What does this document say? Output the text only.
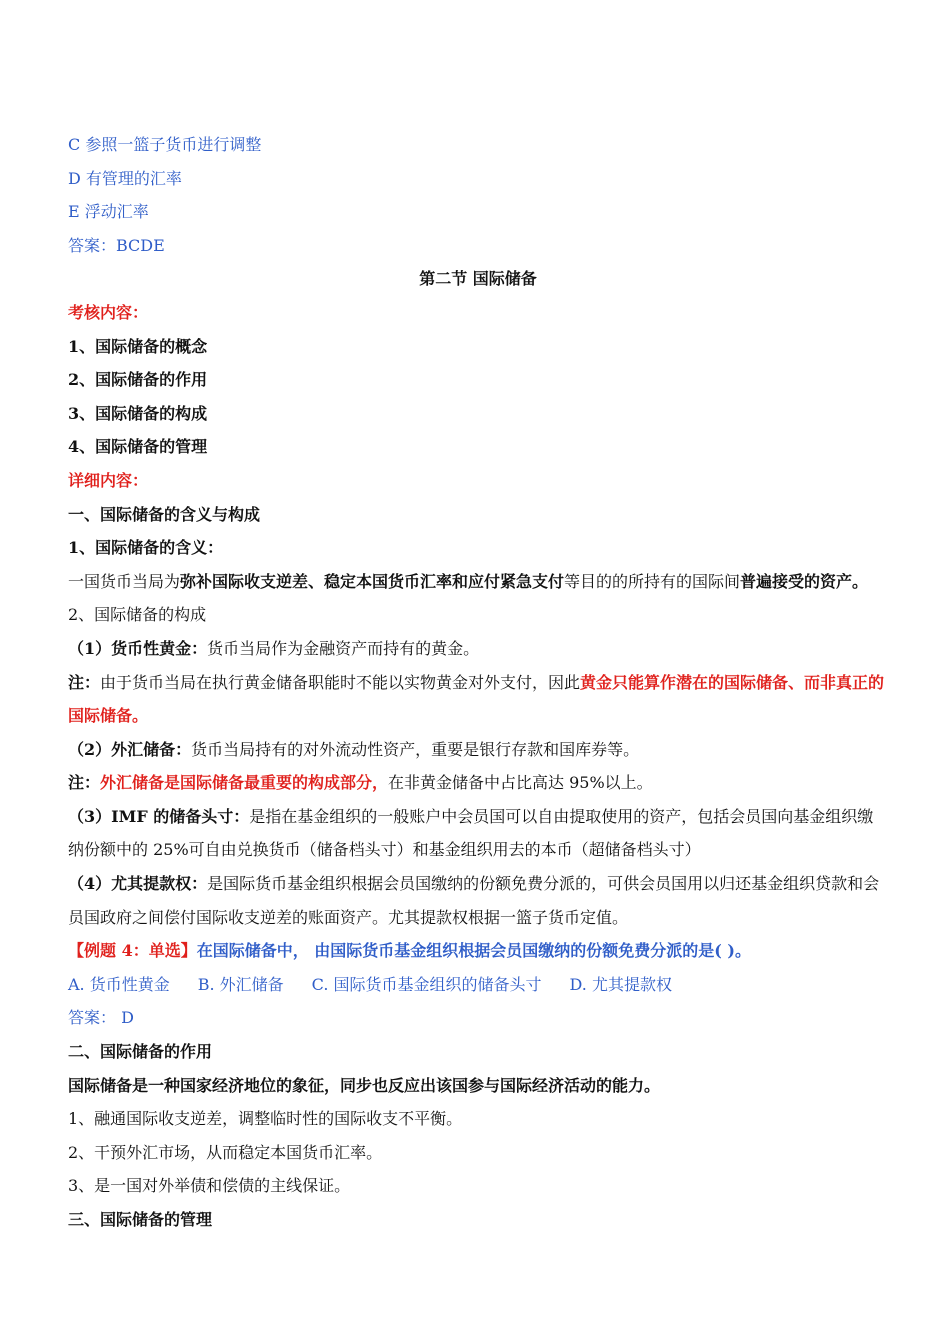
C 参照一篮子货币进行调整

D 有管理的汇率

E 浮动汇率

答案：BCDE

第二节 国际储备

考核内容：

1、国际储备的概念

2、国际储备的作用

3、国际储备的构成

4、国际储备的管理

详细内容：

一、国际储备的含义与构成

1、国际储备的含义：

一国货币当局为弥补国际收支逆差、稳定本国货币汇率和应付紧急支付等目的的所持有的国际间普遍接受的资产。

2、国际储备的构成

（1）货币性黄金：货币当局作为金融资产而持有的黄金。

注：由于货币当局在执行黄金储备职能时不能以实物黄金对外支付，因此黄金只能算作潜在的国际储备、而非真正的国际储备。

（2）外汇储备：货币当局持有的对外流动性资产，重要是银行存款和国库券等。

注：外汇储备是国际储备最重要的构成部分，在非黄金储备中占比高达 95%以上。

（3）IMF 的储备头寸：是指在基金组织的一般账户中会员国可以自由提取使用的资产，包括会员国向基金组织缴纳份额中的 25%可自由兑换货币（储备档头寸）和基金组织用去的本币（超储备档头寸）

（4）尤其提款权：是国际货币基金组织根据会员国缴纳的份额免费分派的，可供会员国用以归还基金组织贷款和会员国政府之间偿付国际收支逆差的账面资产。尤其提款权根据一篮子货币定值。

【例题 4：单选】在国际储备中， 由国际货币基金组织根据会员国缴纳的份额免费分派的是( )。

A. 货币性黄金 B. 外汇储备 C. 国际货币基金组织的储备头寸 D. 尤其提款权

答案： D

二、国际储备的作用

国际储备是一种国家经济地位的象征，同步也反应出该国参与国际经济活动的能力。

1、融通国际收支逆差，调整临时性的国际收支不平衡。

2、干预外汇市场，从而稳定本国货币汇率。

3、是一国对外举债和偿债的主线保证。

三、国际储备的管理
